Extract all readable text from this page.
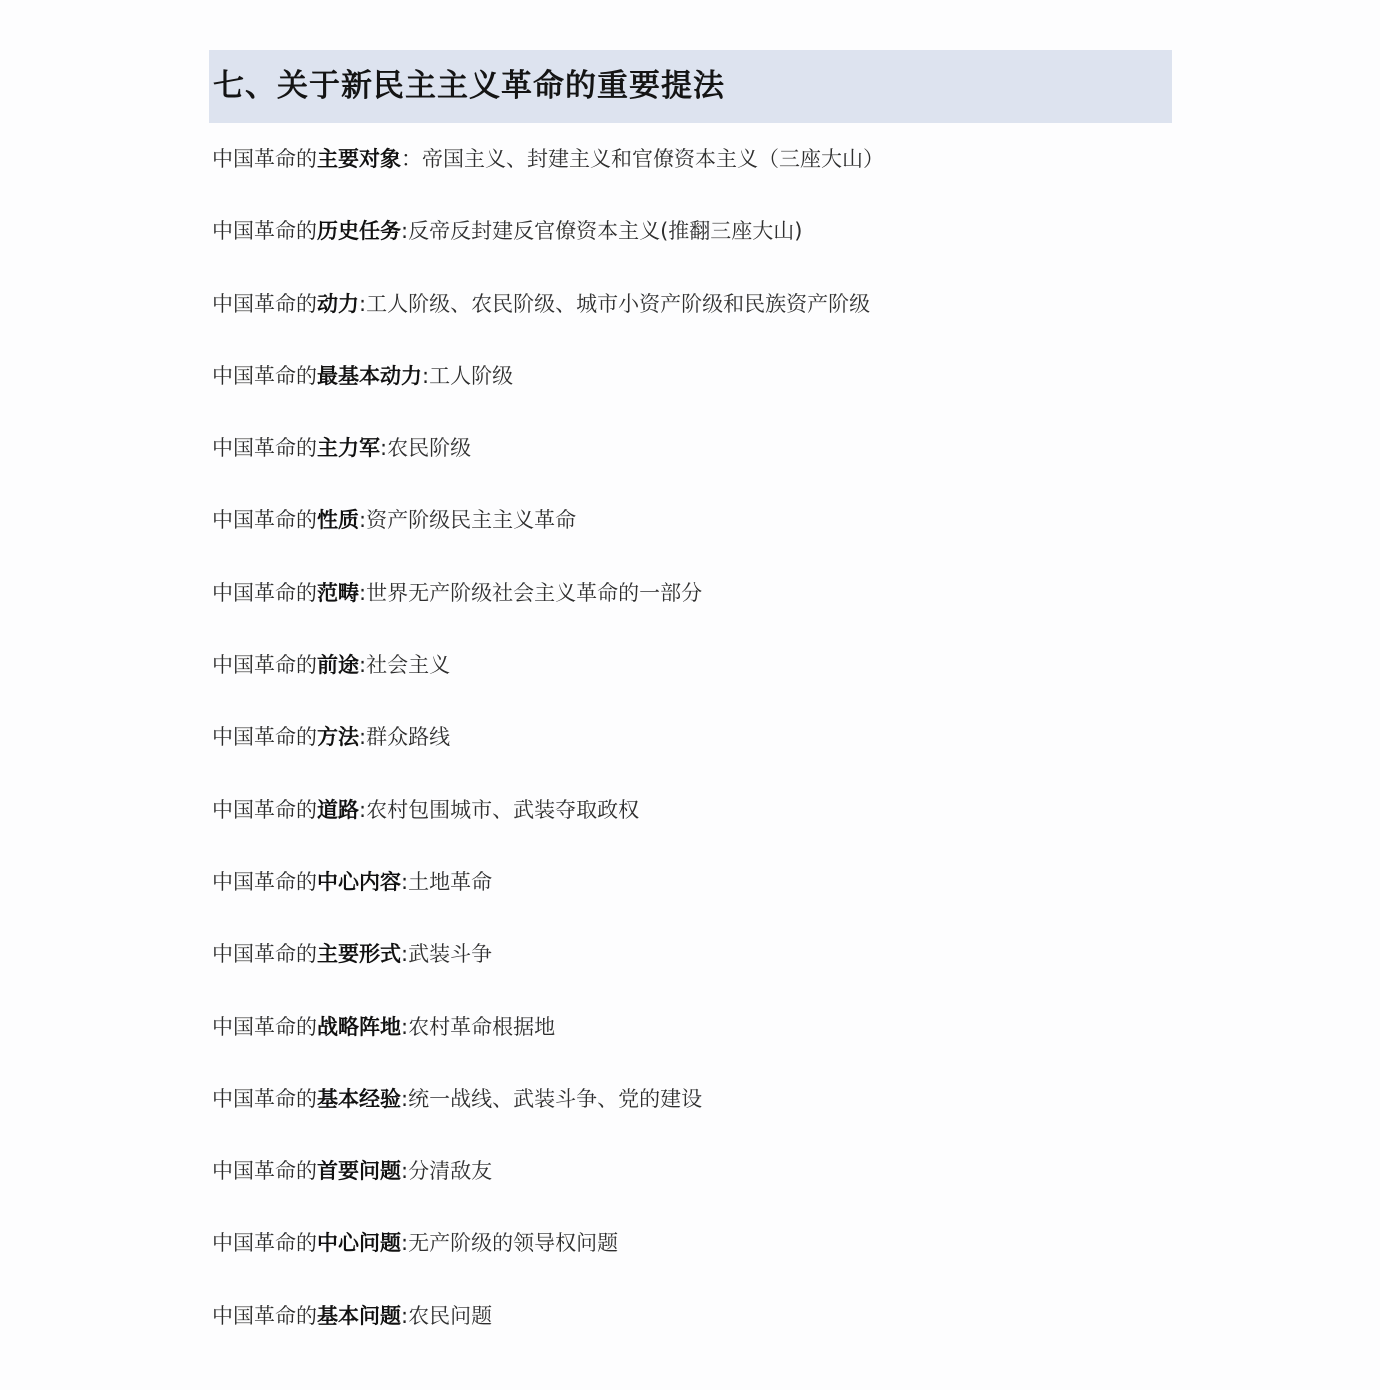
七、关于新民主主义革命的重要提法
中国革命的主要对象：帝国主义、封建主义和官僚资本主义（三座大山）
中国革命的历史任务:反帝反封建反官僚资本主义(推翻三座大山)
中国革命的动力:工人阶级、农民阶级、城市小资产阶级和民族资产阶级
中国革命的最基本动力:工人阶级
中国革命的主力军:农民阶级
中国革命的性质:资产阶级民主主义革命
中国革命的范畴:世界无产阶级社会主义革命的一部分
中国革命的前途:社会主义
中国革命的方法:群众路线
中国革命的道路:农村包围城市、武装夺取政权
中国革命的中心内容:土地革命
中国革命的主要形式:武装斗争
中国革命的战略阵地:农村革命根据地
中国革命的基本经验:统一战线、武装斗争、党的建设
中国革命的首要问题:分清敌友
中国革命的中心问题:无产阶级的领导权问题
中国革命的基本问题:农民问题
